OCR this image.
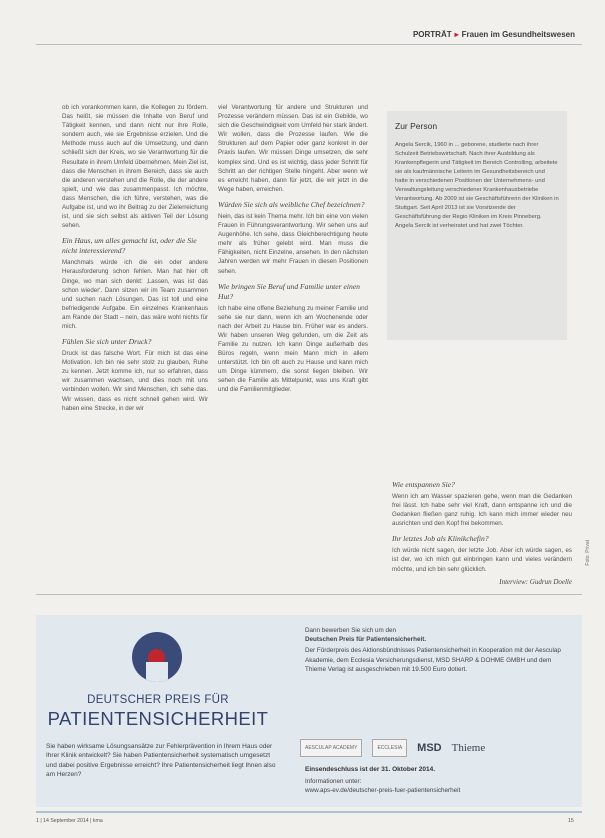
PORTRÄT ▸ Frauen im Gesundheitswesen

ob ich vorankommen kann, die Kollegen zu fördern. Das heißt, sie müssen die Inhalte von Beruf und Tätigkeit kennen, und dann nicht nur ihre Rolle, sondern auch, wie sie Ergebnisse erzielen. Und die Methode muss auch auf die Umsetzung, und dann schließt sich der Kreis, wo sie Verantwortung für die Resultate in ihrem Umfeld übernehmen. Mein Ziel ist, dass die Menschen in ihrem Bereich, dass sie auch die anderen verstehen und die Rolle, die der andere spielt, und wie das zusammenpasst. Ich möchte, dass Menschen, die ich führe, verstehen, was die Aufgabe ist, und wo ihr Beitrag zu der Zielerreichung ist, und sie sich selbst als aktiven Teil der Lösung sehen.

Ein Haus, um alles gemacht ist, oder die Sie nicht interessierend?

Manchmals würde ich die ein oder andere Herausforderung schon fehlen. Man hat hier oft Dinge, wo man sich denkt: ‚Lassen, was ist das schon wieder'. Dann sitzen wir im Team zusammen und suchen nach Lösungen. Das ist toll und eine befriedigende Aufgabe. Ein einzelnes Krankenhaus am Rande der Stadt – nein, das wäre wohl nichts für mich.

Fühlen Sie sich unter Druck?

Druck ist das falsche Wort. Für mich ist das eine Motivation. Ich bin nie sehr stolz zu glauben, Ruhe zu kennen. Jetzt komme ich, nur so erfahren, dass wir zusammen wachsen, und dies noch mit uns verbinden wollen. Wir sind Menschen, ich sehe das. Wir wissen, dass es nicht schnell gehen wird. Wir haben eine Strecke, in der wir

viel Verantwortung für andere und Strukturen und Prozesse verändern müssen. Das ist ein Gebilde, wo sich die Geschwindigkeit vom Umfeld her stark ändert. Wir wollen, dass die Prozesse laufen. Wie die Strukturen auf dem Papier oder ganz konkret in der Praxis laufen. Wir müssen Dinge umsetzen, die sehr komplex sind. Und es ist wichtig, dass jeder Schritt für Schritt an der richtigen Stelle hingeht. Aber wenn wir es erreicht haben, dann für jetzt, die wir jetzt in die Wege haben, erreichen.

Würden Sie sich als weibliche Chef bezeichnen?

Nein, das ist kein Thema mehr. Ich bin eine von vielen Frauen in Führungsverantwortung. Wir sehen uns auf Augenhöhe. Ich sehe, dass Gleichberechtigung heute mehr als früher gelebt wird. Man muss die Fähigkeiten, nicht Einzelne, ansehen. In den nächsten Jahren werden wir mehr Frauen in diesen Positionen sehen.

Wie bringen Sie Beruf und Familie unter einen Hut?

Ich habe eine offene Beziehung zu meiner Familie und sehe sie nur dann, wenn ich am Wochenende oder nach der Arbeit zu Hause bin. Früher war es anders. Wir haben unseren Weg gefunden, um die Zeit als Familie zu nutzen. Ich kann Dinge außerhalb des Büros regeln, wenn mein Mann mich in allem unterstützt. Ich bin oft auch zu Hause und kann mich um Dinge kümmern, die sonst liegen bleiben. Wir sehen die Familie als Mittelpunkt, was uns Kraft gibt und die Familienmitglieder.

Zur Person
Angela Sercik, 1960 in ... geborene, studierte nach ihrer Schulzeit Betriebswirtschaft. Nach ihrer Ausbildung als Krankenpflegerin und Tätigkeit im Bereich Controlling, arbeitete sie als kaufmännische Leiterin im Gesundheitsbereich und hatte in verschiedenen Positionen der Unternehmens- und Verwaltungsleitung verschiedener Krankenhausbetriebe Verantwortung. Ab 2009 ist sie Geschäftsführerin der Kliniken in Stuttgart. Seit April 2013 ist sie Vorsitzende der Geschäftsführung der Regio Kliniken im Kreis Pinneberg. Angela Sercik ist verheiratet und hat zwei Töchter.
Wie entspannen Sie?

Wenn ich am Wasser spazieren gehe, wenn man die Gedanken frei lässt. Ich habe sehr viel Kraft, dann entspanne ich und die Gedanken fließen ganz ruhig. Ich kann mich immer wieder neu ausrichten und den Kopf frei bekommen.

Ihr letztes Job als Klinikchefin?

Ich würde nicht sagen, der letzte Job. Aber ich würde sagen, es ist der, wo ich mich gut einbringen kann und vieles verändern möchte, und ich bin sehr glücklich.

Interview: Gudrun Doelle
Foto: Privat
DEUTSCHER PREIS FÜR
PATIENTENSICHERHEIT
Sie haben wirksame Lösungsansätze zur Fehlerprävention in Ihrem Haus oder Ihrer Klinik entwickelt? Sie haben Patientensicherheit systematisch umgesetzt und dabei positive Ergebnisse erreicht? Ihre Patientensicherheit liegt Ihnen also am Herzen?
Dann bewerben Sie sich um den
Deutschen Preis für Patientensicherheit.
Der Förderpreis des Aktionsbündnisses Patientensicherheit in Kooperation mit der Aesculap Akademie, dem Ecclesia Versicherungsdienst, MSD SHARP & DOHME GMBH und dem Thieme Verlag ist ausgeschrieben mit 19.500 Euro dotiert.
AESCULAP ACADEMY	ECCLESIA	MSD Thieme
Einsendeschluss ist der 31. Oktober 2014.
Informationen unter:
www.aps-ev.de/deutscher-preis-fuer-patientensicherheit
1 | 14 September 2014 | kma	15
